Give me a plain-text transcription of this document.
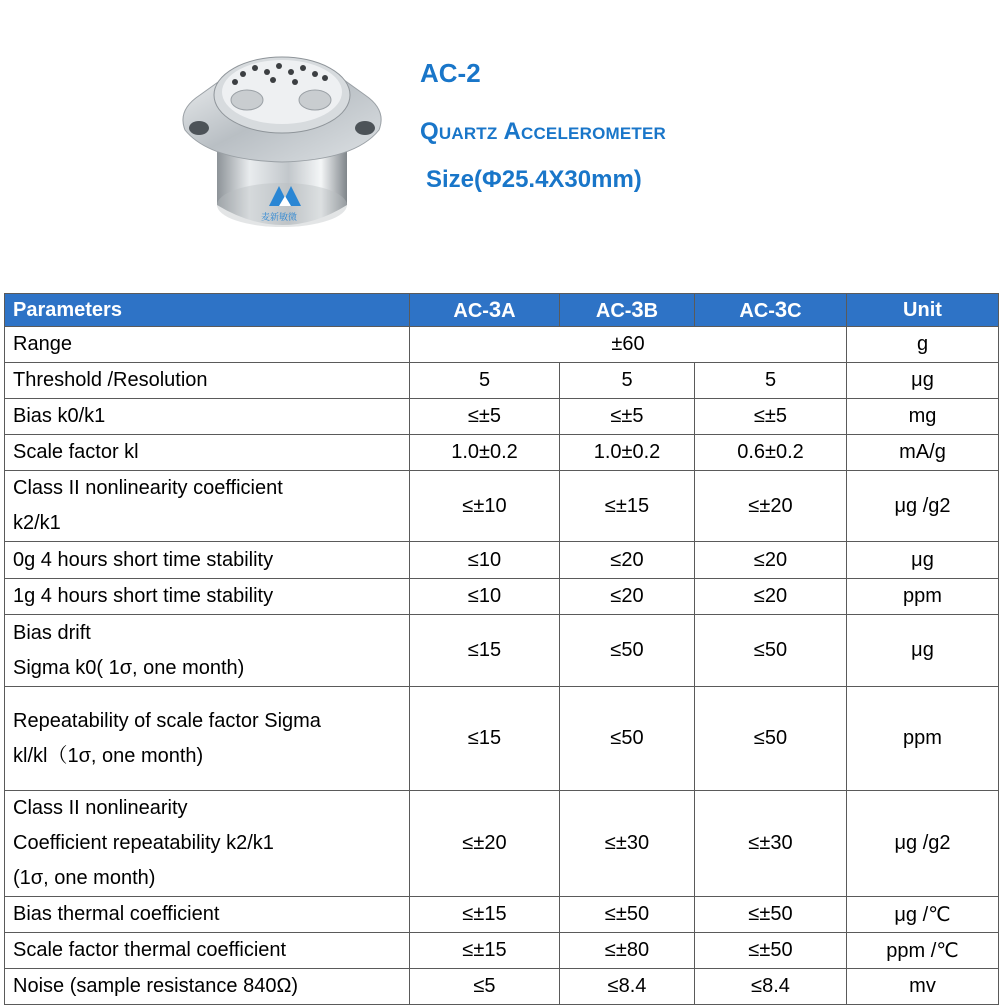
麦新敏微
AC-2
Quartz Accelerometer
Size(Φ25.4X30mm)
Parameters	AC-3A	AC-3B	AC-3C	Unit

Range	±60			g

Threshold /Resolution	5	5	5	μg

Bias k0/k1	≤±5	≤±5	≤±5	mg

Scale factor kl	1.0±0.2	1.0±0.2	0.6±0.2	mA/g

Class II nonlinearity coefficient
k2/k1	≤±10	≤±15	≤±20	μg /g2

0g 4 hours short time stability	≤10	≤20	≤20	μg

1g 4 hours short time stability	≤10	≤20	≤20	ppm

Bias drift
Sigma k0( 1σ, one month)	≤15	≤50	≤50	μg

Repeatability of scale factor Sigma
kl/kl（1σ, one month)	≤15	≤50	≤50	ppm

Class II nonlinearity
Coefficient repeatability k2/k1
(1σ, one month)	≤±20	≤±30	≤±30	μg /g2

Bias thermal coefficient	≤±15	≤±50	≤±50	μg /℃

Scale factor thermal coefficient	≤±15	≤±80	≤±50	ppm /℃

Noise (sample resistance 840Ω)	≤5	≤8.4	≤8.4	mv
